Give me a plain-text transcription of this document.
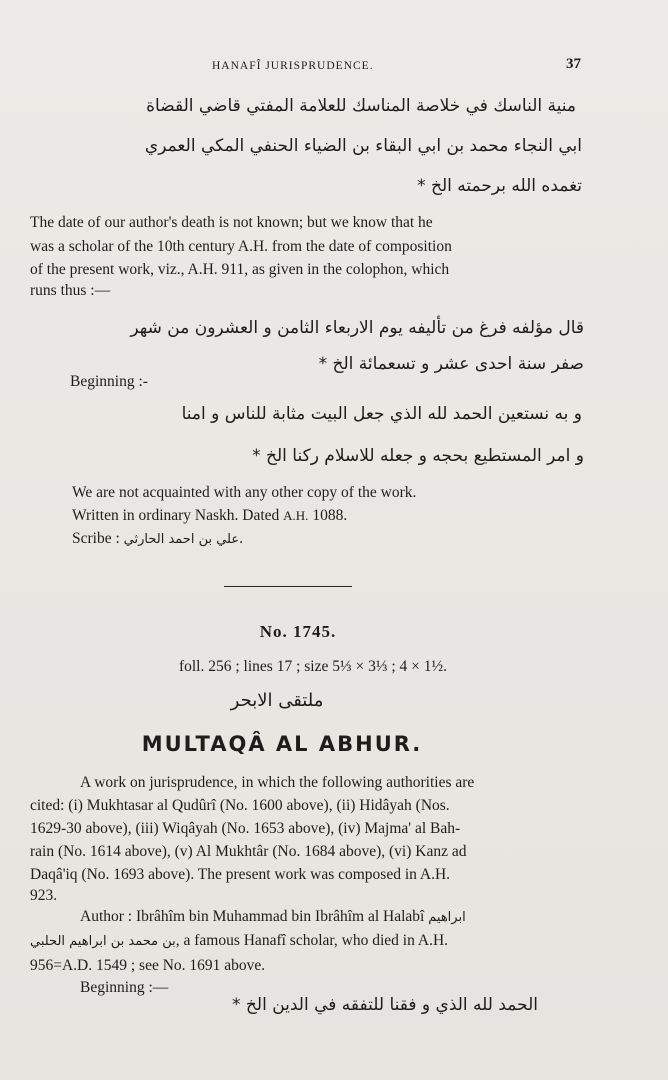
HANAFÎ JURISPRUDENCE.	37
منية الناسك في خلاصة المناسك للعلامة المفتي قاضي القضاة
ابي النجاء محمد بن ابي البقاء بن الضياء الحنفي المكي العمري
تغمده الله برحمته الخ *
The date of our author's death is not known; but we know that he
was a scholar of the 10th century A.H. from the date of composition
of the present work, viz., A.H. 911, as given in the colophon, which
runs thus :—
قال مؤلفه فرغ من تأليفه يوم الاربعاء الثامن و العشرون من شهر
صفر سنة احدى عشر و تسعمائة الخ *
Beginning :-
و به نستعين الحمد لله الذي جعل البيت مثابة للناس و امنا
و امر المستطيع بحجه و جعله للاسلام ركنا الخ *
We are not acquainted with any other copy of the work.
Written in ordinary Naskh. Dated A.H. 1088.
Scribe : علي بن احمد الحارثي.
No. 1745.
foll. 256 ; lines 17 ; size 5⅓ × 3⅓ ; 4 × 1½.
ملتقى الابحر
MULTAQÂ AL ABHUR.
A work on jurisprudence, in which the following authorities are
cited: (i) Mukhtasar al Qudûrî (No. 1600 above), (ii) Hidâyah (Nos.
1629-30 above), (iii) Wiqâyah (No. 1653 above), (iv) Majma' al Bah-
rain (No. 1614 above), (v) Al Mukhtâr (No. 1684 above), (vi) Kanz ad
Daqâ'iq (No. 1693 above). The present work was composed in A.H.
923.
Author : Ibrâhîm bin Muhammad bin Ibrâhîm al Halabî ابراهيم
بن محمد بن ابراهيم الحلبي, a famous Hanafî scholar, who died in A.H.
956=A.D. 1549 ; see No. 1691 above.
Beginning :—
الحمد لله الذي و فقنا للتفقه في الدين الخ *
